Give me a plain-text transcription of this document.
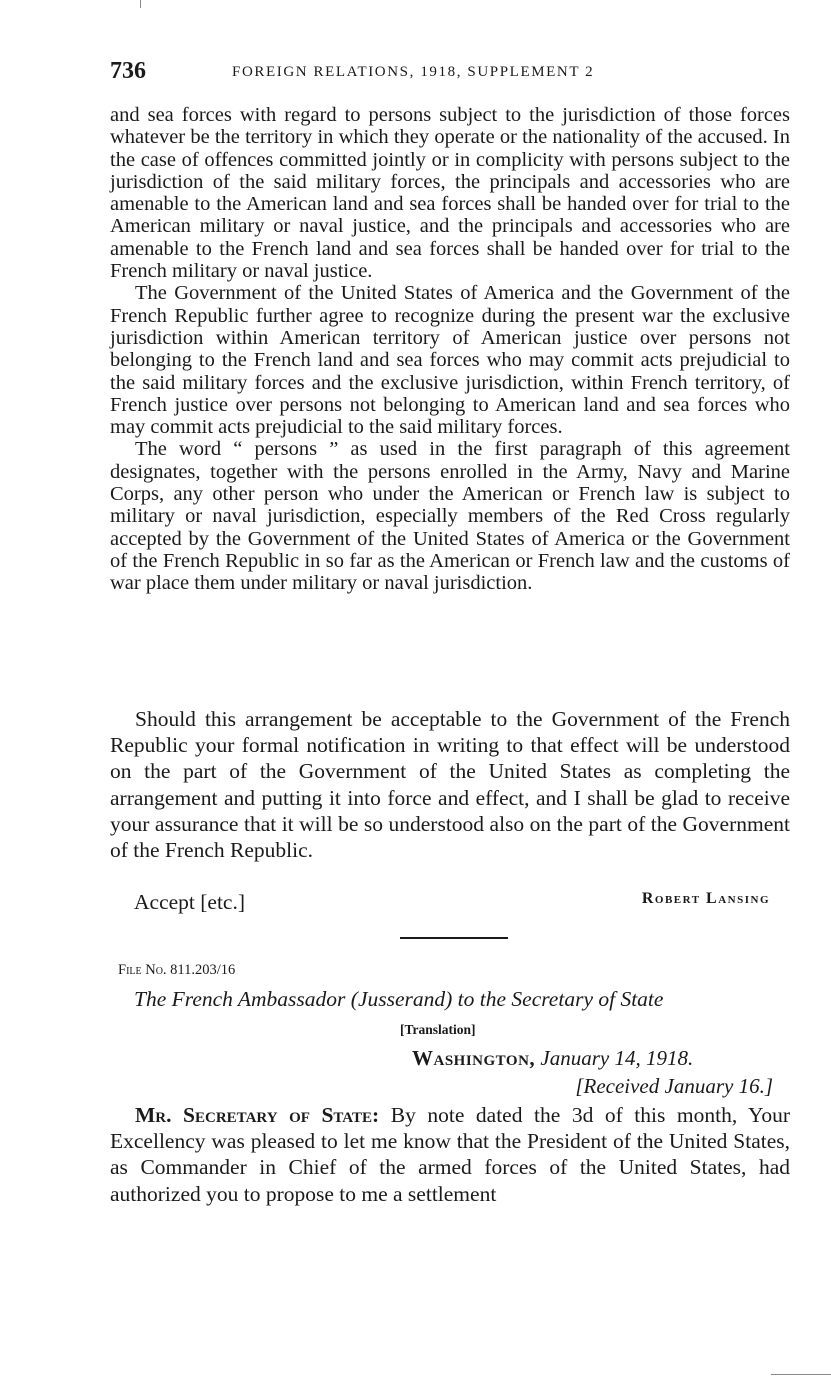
736	FOREIGN RELATIONS, 1918, SUPPLEMENT 2

and sea forces with regard to persons subject to the jurisdiction of those forces whatever be the territory in which they operate or the nationality of the accused. In the case of offences committed jointly or in complicity with persons subject to the jurisdiction of the said military forces, the principals and accessories who are amenable to the American land and sea forces shall be handed over for trial to the American military or naval justice, and the principals and accessories who are amenable to the French land and sea forces shall be handed over for trial to the French military or naval justice.

The Government of the United States of America and the Government of the French Republic further agree to recognize during the present war the exclusive jurisdiction within American territory of American justice over persons not belonging to the French land and sea forces who may commit acts prejudicial to the said military forces and the exclusive jurisdiction, within French territory, of French justice over persons not belonging to American land and sea forces who may commit acts prejudicial to the said military forces.

The word “ persons ” as used in the first paragraph of this agreement designates, together with the persons enrolled in the Army, Navy and Marine Corps, any other person who under the American or French law is subject to military or naval jurisdiction, especially members of the Red Cross regularly accepted by the Government of the United States of America or the Government of the French Republic in so far as the American or French law and the customs of war place them under military or naval jurisdiction.

Should this arrangement be acceptable to the Government of the French Republic your formal notification in writing to that effect will be understood on the part of the Government of the United States as completing the arrangement and putting it into force and effect, and I shall be glad to receive your assurance that it will be so understood also on the part of the Government of the French Republic.

Accept [etc.]	Robert Lansing
File No. 811.203/16
The French Ambassador (Jusserand) to the Secretary of State
[Translation]
Washington, January 14, 1918.
[Received January 16.]

Mr. Secretary of State: By note dated the 3d of this month, Your Excellency was pleased to let me know that the President of the United States, as Commander in Chief of the armed forces of the United States, had authorized you to propose to me a settlement
